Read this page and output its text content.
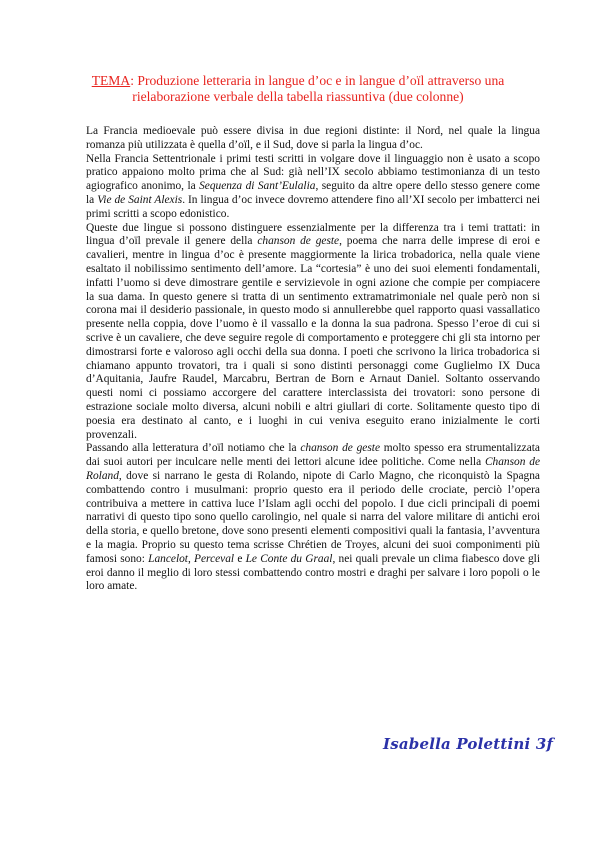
TEMA: Produzione letteraria in langue d’oc e in langue d’oïl attraverso una rielaborazione verbale della tabella riassuntiva (due colonne)

La Francia medioevale può essere divisa in due regioni distinte: il Nord, nel quale la lingua romanza più utilizzata è quella d’oïl, e il Sud, dove si parla la lingua d’oc.

Nella Francia Settentrionale i primi testi scritti in volgare dove il linguaggio non è usato a scopo pratico appaiono molto prima che al Sud: già nell’IX secolo abbiamo testimonianza di un testo agiografico anonimo, la Sequenza di Sant’Eulalia, seguito da altre opere dello stesso genere come la Vie de Saint Alexis. In lingua d’oc invece dovremo attendere fino all’XI secolo per imbatterci nei primi scritti a scopo edonistico.

Queste due lingue si possono distinguere essenzialmente per la differenza tra i temi trattati: in lingua d’oïl prevale il genere della chanson de geste, poema che narra delle imprese di eroi e cavalieri, mentre in lingua d’oc è presente maggiormente la lirica trobadorica, nella quale viene esaltato il nobilissimo sentimento dell’amore. La “cortesia” è uno dei suoi elementi fondamentali, infatti l’uomo si deve dimostrare gentile e servizievole in ogni azione che compie per compiacere la sua dama. In questo genere si tratta di un sentimento extramatrimoniale nel quale però non si corona mai il desiderio passionale, in questo modo si annullerebbe quel rapporto quasi vassallatico presente nella coppia, dove l’uomo è il vassallo e la donna la sua padrona. Spesso l’eroe di cui si scrive è un cavaliere, che deve seguire regole di comportamento e proteggere chi gli sta intorno per dimostrarsi forte e valoroso agli occhi della sua donna. I poeti che scrivono la lirica trobadorica si chiamano appunto trovatori, tra i quali si sono distinti personaggi come Guglielmo IX Duca d’Aquitania, Jaufre Raudel, Marcabru, Bertran de Born e Arnaut Daniel. Soltanto osservando questi nomi ci possiamo accorgere del carattere interclassista dei trovatori: sono persone di estrazione sociale molto diversa, alcuni nobili e altri giullari di corte. Solitamente questo tipo di poesia era destinato al canto, e i luoghi in cui veniva eseguito erano inizialmente le corti provenzali.

Passando alla letteratura d’oïl notiamo che la chanson de geste molto spesso era strumentalizzata dai suoi autori per inculcare nelle menti dei lettori alcune idee politiche. Come nella Chanson de Roland, dove si narrano le gesta di Rolando, nipote di Carlo Magno, che riconquistò la Spagna combattendo contro i musulmani: proprio questo era il periodo delle crociate, perciò l’opera contribuiva a mettere in cattiva luce l’Islam agli occhi del popolo. I due cicli principali di poemi narrativi di questo tipo sono quello carolingio, nel quale si narra del valore militare di antichi eroi della storia, e quello bretone, dove sono presenti elementi compositivi quali la fantasia, l’avventura e la magia. Proprio su questo tema scrisse Chrétien de Troyes, alcuni dei suoi componimenti più famosi sono: Lancelot, Perceval e Le Conte du Graal, nei quali prevale un clima fiabesco dove gli eroi danno il meglio di loro stessi combattendo contro mostri e draghi per salvare i loro popoli o le loro amate.

Isabella Polettini 3f
